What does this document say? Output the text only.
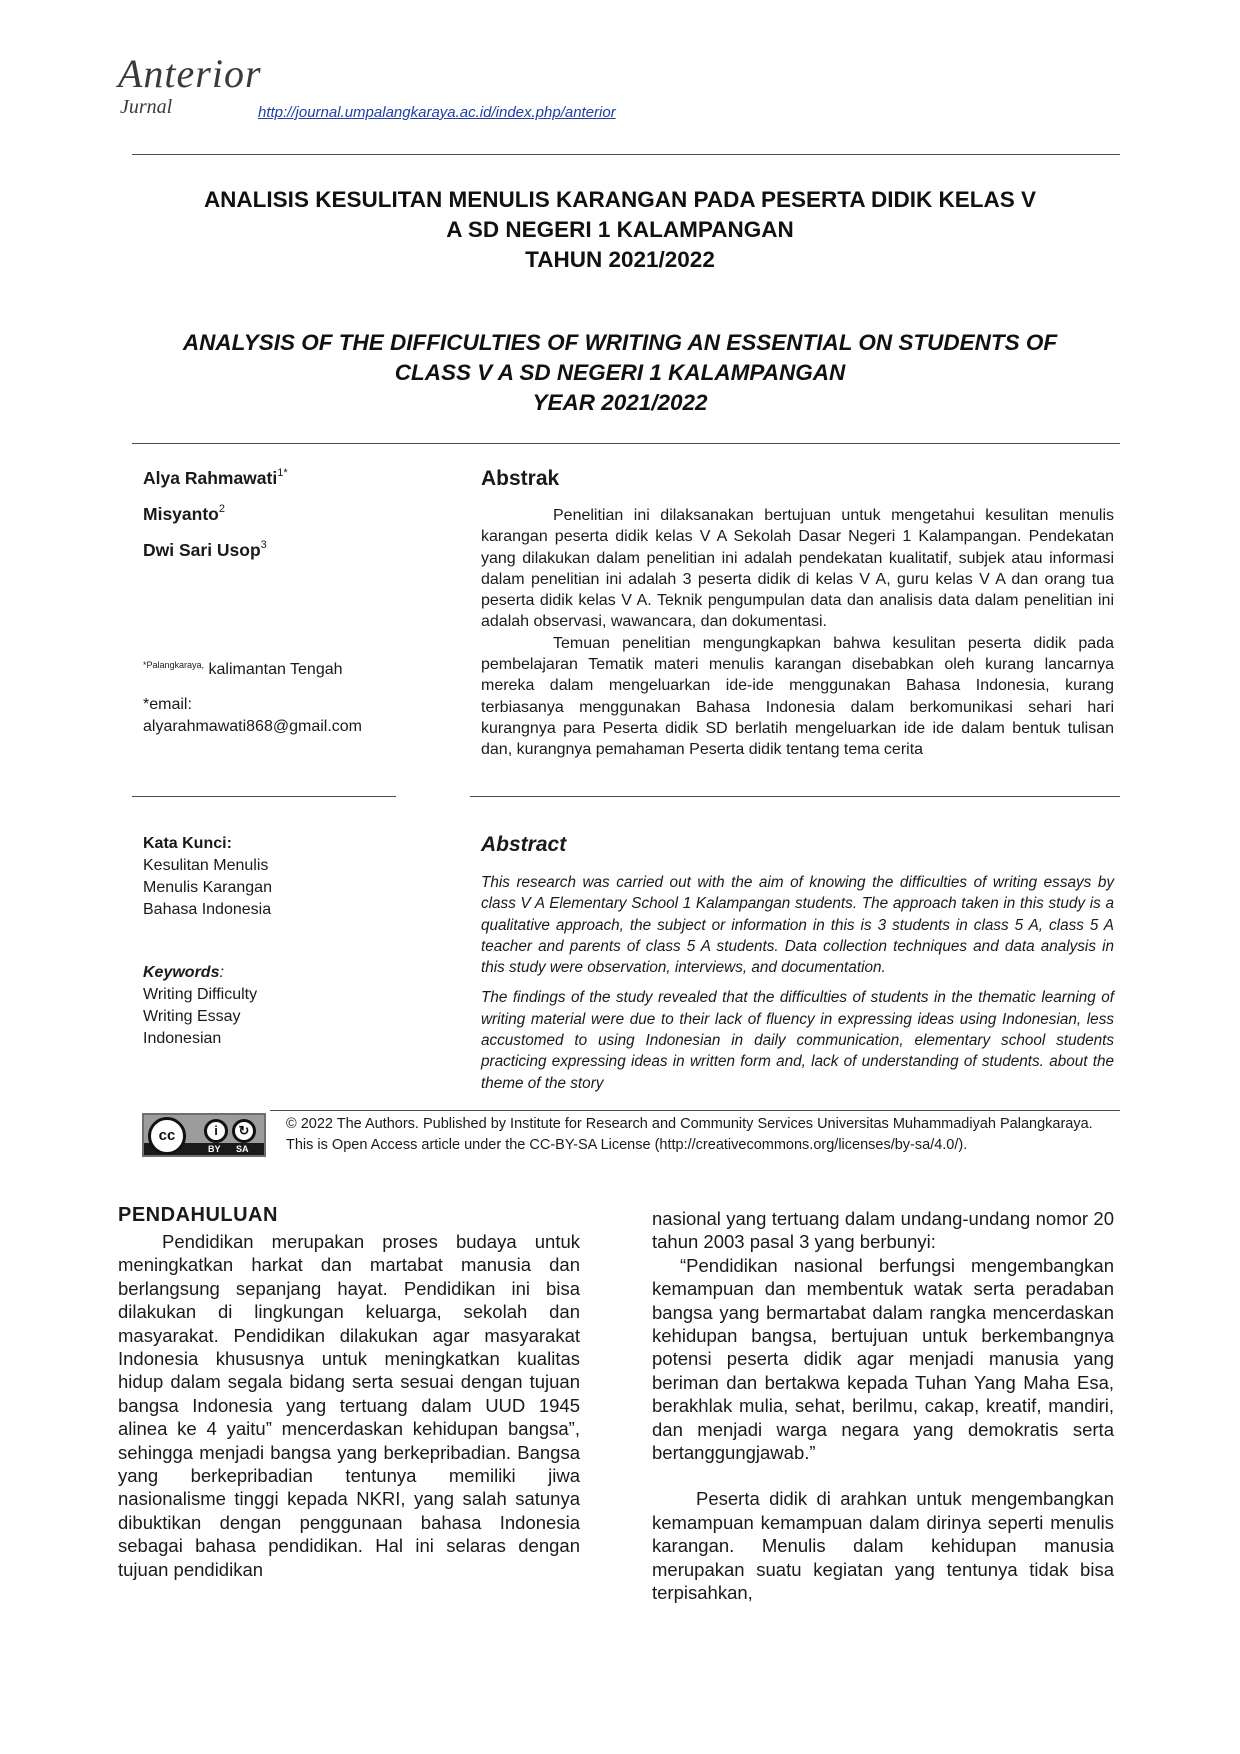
Anterior
Jurnal	http://journal.umpalangkaraya.ac.id/index.php/anterior
ANALISIS KESULITAN MENULIS KARANGAN PADA PESERTA DIDIK KELAS V
A SD NEGERI 1 KALAMPANGAN
TAHUN 2021/2022
ANALYSIS OF THE DIFFICULTIES OF WRITING AN ESSENTIAL ON STUDENTS OF
CLASS V A SD NEGERI 1 KALAMPANGAN
YEAR 2021/2022
Alya Rahmawati$^{1*}$
Misyanto$^2$
Dwi Sari Usop$^3$
$^{*Palangkaraya,}$ kalimantan Tengah
*email:
alyarahmawati868@gmail.com
Abstrak

Penelitian ini dilaksanakan bertujuan untuk mengetahui kesulitan menulis karangan peserta didik kelas V A Sekolah Dasar Negeri 1 Kalampangan. Pendekatan yang dilakukan dalam penelitian ini adalah pendekatan kualitatif, subjek atau informasi dalam penelitian ini adalah 3 peserta didik di kelas V A, guru kelas V A dan orang tua peserta didik kelas V A. Teknik pengumpulan data dan analisis data dalam penelitian ini adalah observasi, wawancara, dan dokumentasi.

Temuan penelitian mengungkapkan bahwa kesulitan peserta didik pada pembelajaran Tematik materi menulis karangan disebabkan oleh kurang lancarnya mereka dalam mengeluarkan ide-ide menggunakan Bahasa Indonesia, kurang terbiasanya menggunakan Bahasa Indonesia dalam berkomunikasi sehari hari kurangnya para Peserta didik SD berlatih mengeluarkan ide ide dalam bentuk tulisan dan, kurangnya pemahaman Peserta didik tentang tema cerita

Kata Kunci:
Kesulitan Menulis
Menulis Karangan
Bahasa Indonesia
Keywords:
Writing Difficulty
Writing Essay
Indonesian
Abstract

This research was carried out with the aim of knowing the difficulties of writing essays by class V A Elementary School 1 Kalampangan students. The approach taken in this study is a qualitative approach, the subject or information in this is 3 students in class 5 A, class 5 A teacher and parents of class 5 A students. Data collection techniques and data analysis in this study were observation, interviews, and documentation.

The findings of the study revealed that the difficulties of students in the thematic learning of writing material were due to their lack of fluency in expressing ideas using Indonesian, less accustomed to using Indonesian in daily communication, elementary school students practicing expressing ideas in written form and, lack of understanding of students. about the theme of the story

cc	i	↻
BY SA
© 2022 The Authors. Published by Institute for Research and Community Services Universitas Muhammadiyah Palangkaraya.
This is Open Access article under the CC-BY-SA License (http://creativecommons.org/licenses/by-sa/4.0/).
PENDAHULUAN

Pendidikan merupakan proses budaya untuk meningkatkan harkat dan martabat manusia dan berlangsung sepanjang hayat. Pendidikan ini bisa dilakukan di lingkungan keluarga, sekolah dan masyarakat. Pendidikan dilakukan agar masyarakat Indonesia khususnya untuk meningkatkan kualitas hidup dalam segala bidang serta sesuai dengan tujuan bangsa Indonesia yang tertuang dalam UUD 1945 alinea ke 4 yaitu” mencerdaskan kehidupan bangsa”, sehingga menjadi bangsa yang berkepribadian. Bangsa yang berkepribadian tentunya memiliki jiwa nasionalisme tinggi kepada NKRI, yang salah satunya dibuktikan dengan penggunaan bahasa Indonesia sebagai bahasa pendidikan. Hal ini selaras dengan tujuan pendidikan

nasional yang tertuang dalam undang-undang nomor 20 tahun 2003 pasal 3 yang berbunyi:

“Pendidikan nasional berfungsi mengembangkan kemampuan dan membentuk watak serta peradaban bangsa yang bermartabat dalam rangka mencerdaskan kehidupan bangsa, bertujuan untuk berkembangnya potensi peserta didik agar menjadi manusia yang beriman dan bertakwa kepada Tuhan Yang Maha Esa, berakhlak mulia, sehat, berilmu, cakap, kreatif, mandiri, dan menjadi warga negara yang demokratis serta bertanggungjawab.”

Peserta didik di arahkan untuk mengembangkan kemampuan kemampuan dalam dirinya seperti menulis karangan. Menulis dalam kehidupan manusia merupakan suatu kegiatan yang tentunya tidak bisa terpisahkan,
